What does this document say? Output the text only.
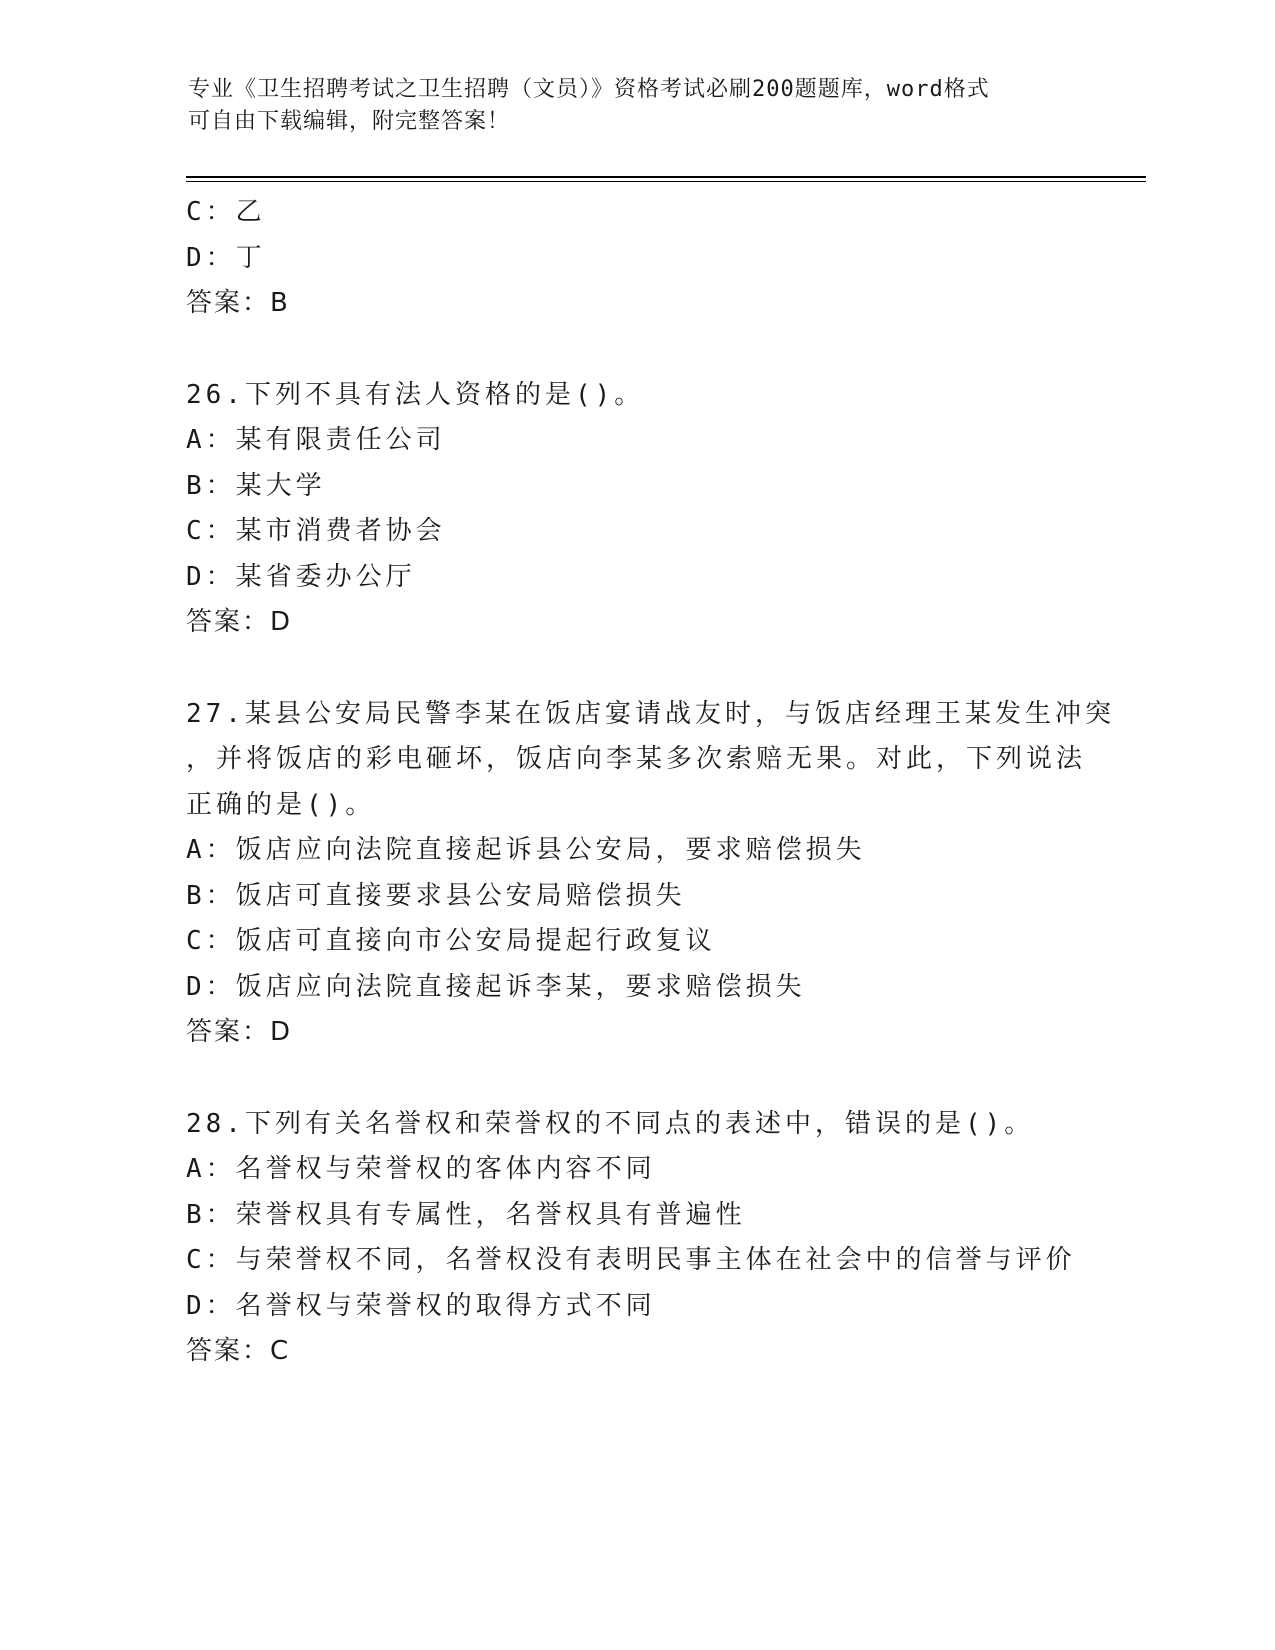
专业《卫生招聘考试之卫生招聘（文员）》资格考试必刷200题题库，word格式
可自由下载编辑，附完整答案！
C：乙
D：丁
答案：B
26.下列不具有法人资格的是()。
A：某有限责任公司
B：某大学
C：某市消费者协会
D：某省委办公厅
答案：D
27.某县公安局民警李某在饭店宴请战友时，与饭店经理王某发生冲突
，并将饭店的彩电砸坏，饭店向李某多次索赔无果。对此，下列说法
正确的是()。
A：饭店应向法院直接起诉县公安局，要求赔偿损失
B：饭店可直接要求县公安局赔偿损失
C：饭店可直接向市公安局提起行政复议
D：饭店应向法院直接起诉李某，要求赔偿损失
答案：D
28.下列有关名誉权和荣誉权的不同点的表述中，错误的是()。
A：名誉权与荣誉权的客体内容不同
B：荣誉权具有专属性，名誉权具有普遍性
C：与荣誉权不同，名誉权没有表明民事主体在社会中的信誉与评价
D：名誉权与荣誉权的取得方式不同
答案：C
